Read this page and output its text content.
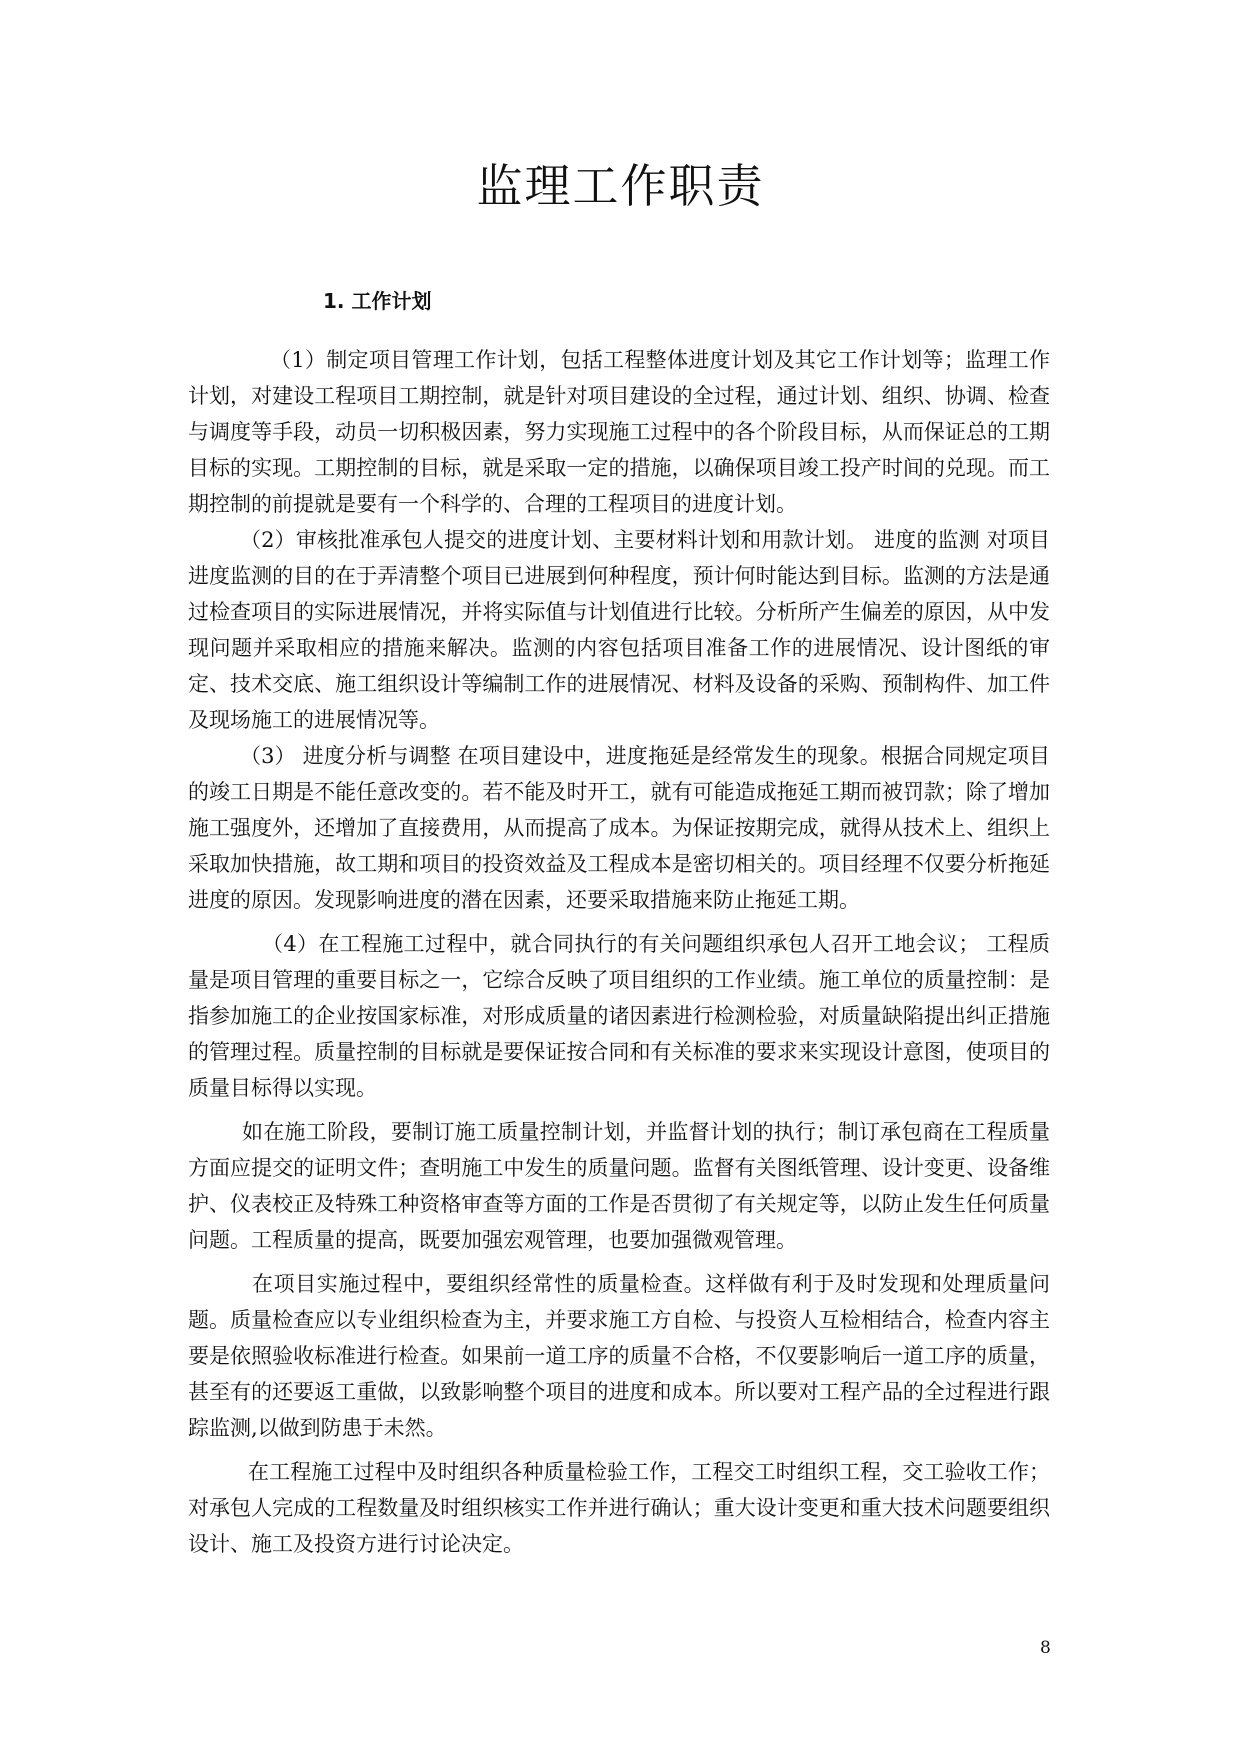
监理工作职责
1. 工作计划

（1）制定项目管理工作计划，包括工程整体进度计划及其它工作计划等；监理工作计划，对建设工程项目工期控制，就是针对项目建设的全过程，通过计划、组织、协调、检查与调度等手段，动员一切积极因素，努力实现施工过程中的各个阶段目标，从而保证总的工期目标的实现。工期控制的目标，就是采取一定的措施，以确保项目竣工投产时间的兑现。而工期控制的前提就是要有一个科学的、合理的工程项目的进度计划。

（2）审核批准承包人提交的进度计划、主要材料计划和用款计划。 进度的监测 对项目进度监测的目的在于弄清整个项目已进展到何种程度，预计何时能达到目标。监测的方法是通过检查项目的实际进展情况，并将实际值与计划值进行比较。分析所产生偏差的原因，从中发现问题并采取相应的措施来解决。监测的内容包括项目准备工作的进展情况、设计图纸的审定、技术交底、施工组织设计等编制工作的进展情况、材料及设备的采购、预制构件、加工件及现场施工的进展情况等。

（3） 进度分析与调整 在项目建设中，进度拖延是经常发生的现象。根据合同规定项目的竣工日期是不能任意改变的。若不能及时开工，就有可能造成拖延工期而被罚款；除了增加施工强度外，还增加了直接费用，从而提高了成本。为保证按期完成，就得从技术上、组织上采取加快措施，故工期和项目的投资效益及工程成本是密切相关的。项目经理不仅要分析拖延进度的原因。发现影响进度的潜在因素，还要采取措施来防止拖延工期。

（4）在工程施工过程中，就合同执行的有关问题组织承包人召开工地会议； 工程质量是项目管理的重要目标之一，它综合反映了项目组织的工作业绩。施工单位的质量控制：是指参加施工的企业按国家标准，对形成质量的诸因素进行检测检验，对质量缺陷提出纠正措施的管理过程。质量控制的目标就是要保证按合同和有关标准的要求来实现设计意图，使项目的质量目标得以实现。

如在施工阶段，要制订施工质量控制计划，并监督计划的执行；制订承包商在工程质量方面应提交的证明文件；查明施工中发生的质量问题。监督有关图纸管理、设计变更、设备维护、仪表校正及特殊工种资格审查等方面的工作是否贯彻了有关规定等，以防止发生任何质量问题。工程质量的提高，既要加强宏观管理，也要加强微观管理。

在项目实施过程中，要组织经常性的质量检查。这样做有利于及时发现和处理质量问题。质量检查应以专业组织检查为主，并要求施工方自检、与投资人互检相结合，检查内容主要是依照验收标准进行检查。如果前一道工序的质量不合格，不仅要影响后一道工序的质量，甚至有的还要返工重做，以致影响整个项目的进度和成本。所以要对工程产品的全过程进行跟踪监测,以做到防患于未然。

在工程施工过程中及时组织各种质量检验工作，工程交工时组织工程，交工验收工作；对承包人完成的工程数量及时组织核实工作并进行确认；重大设计变更和重大技术问题要组织设计、施工及投资方进行讨论决定。

8
